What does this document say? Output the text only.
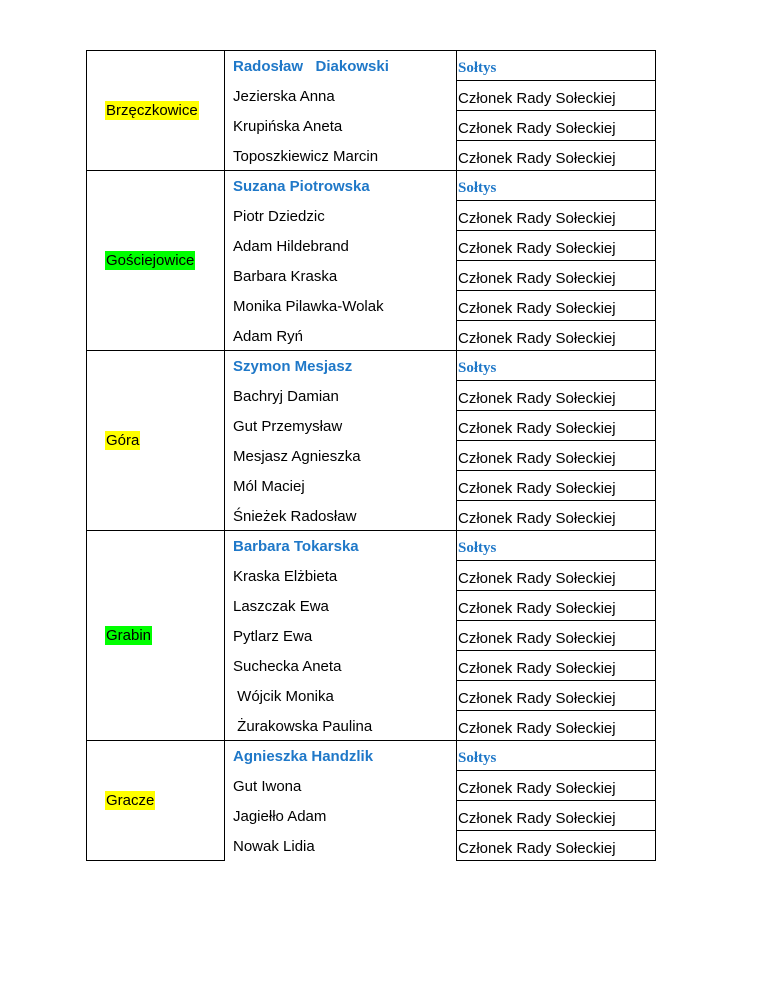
Brzęczkowice
Radosław   Diakowski	Sołtys
Jezierska Anna	Członek Rady Sołeckiej
Krupińska Aneta	Członek Rady Sołeckiej
Toposzkiewicz Marcin	Członek Rady Sołeckiej
Gościejowice
Suzana Piotrowska	Sołtys
Piotr Dziedzic	Członek Rady Sołeckiej
Adam Hildebrand	Członek Rady Sołeckiej
Barbara Kraska	Członek Rady Sołeckiej
Monika Pilawka-Wolak	Członek Rady Sołeckiej
Adam Ryń	Członek Rady Sołeckiej
Góra
Szymon Mesjasz	Sołtys
Bachryj Damian	Członek Rady Sołeckiej
Gut Przemysław	Członek Rady Sołeckiej
Mesjasz Agnieszka	Członek Rady Sołeckiej
Mól Maciej	Członek Rady Sołeckiej
Śnieżek Radosław	Członek Rady Sołeckiej
Grabin
Barbara Tokarska	Sołtys
Kraska Elżbieta	Członek Rady Sołeckiej
Laszczak Ewa	Członek Rady Sołeckiej
Pytlarz Ewa	Członek Rady Sołeckiej
Suchecka Aneta	Członek Rady Sołeckiej
Wójcik Monika	Członek Rady Sołeckiej
Żurakowska Paulina	Członek Rady Sołeckiej
Gracze
Agnieszka Handzlik	Sołtys
Gut Iwona	Członek Rady Sołeckiej
Jagiełło Adam	Członek Rady Sołeckiej
Nowak Lidia	Członek Rady Sołeckiej
